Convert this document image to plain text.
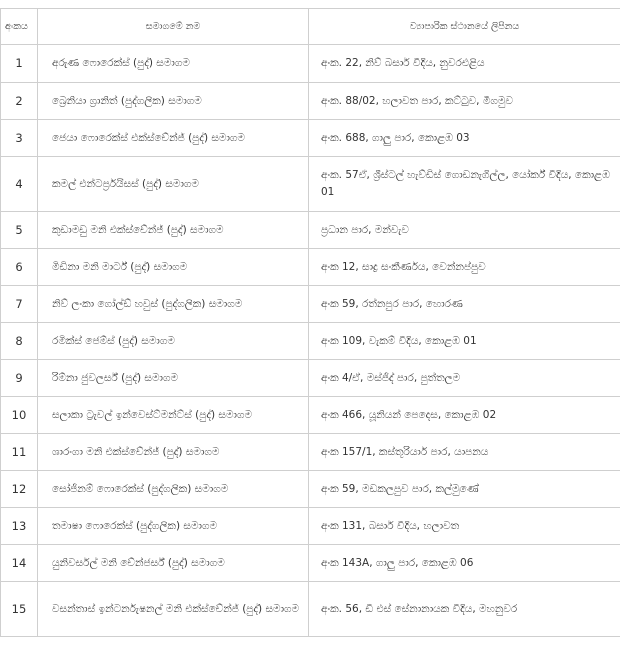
අංකය	සමාගමේ නම	ව්‍යාපාරික ස්ථානයේ ලිපිනය
1	අරුණ ෆොරෙක්ස් (පුද්) සමාගම	අංක. 22, නිව් බසාර් වීදිය, නුවරඑළිය
2	බ්‍රෙනියා ග්‍රානිත් (පුද්ගලික) සමාගම	අංක. 88/02, හලාවත පාර, කට්ටුව, මීගමුව
3	ජෙයා ෆොරෙක්ස් එක්ස්චේන්ජ් (පුද්) සමාගම	අංක. 688, ගාලු පාර, කොළඹ 03
4	කමල් එන්ටර්ප්‍රයිසස් (පුද්) සමාගම	අංක. 57ඒ, ශ්‍රීස්ටල් හැව්ඩිස් ගොඩනැගිල්ල, යෝර්ක් වීදිය, කොළඹ 01
5	කුඩාමඩු මනි එක්ස්චේන්ජ් (පුද්) සමාගම	ප්‍රධාන පාර, මන්වැව
6	මිඩිනා මනි මාර්ට් (පුද්) සමාගම	අංක 12, සාද්‍ර සංකීර්ණය, වෙන්නප්පුව
7	නිව් ලංකා ගෝල්ඩ් හවුස් (පුද්ගලික) සමාගම	අංක 59, රත්නපුර පාර, හොරණ
8	රමික්ස් ජෙම්ස් (පුද්) සමාගම	අංක 109, වැකම් වීදිය, කොළඹ 01
9	රිම්නා ජුවලර්ස් (පුද්) සමාගම	අංක 4/ඒ, මස්ජිද් පාර, පුත්තලම
10	සලාකා ට්‍රැවල් ඉන්වෙස්ට්මන්ට්ස් (පුද්) සමාගම	අංක 466, යූනියන් පෙදෙස, කොළඹ 02
11	ශාරංගා මනි එක්ස්චේන්ජ් (පුද්) සමාගම	අංක 157/1, කස්තූරියාර් පාර, යාපනය
12	සෝජිනම් ෆොරෙක්ස් (පුද්ගලික) සමාගම	අංක 59, මඩකලපුව පාර, කල්මුණේ
13	තමාෂා ෆොරෙක්ස් (පුද්ගලික) සමාගම	අංක 131, බසාර් වීදිය, හලාවත
14	යුනිවර්සල් මනි චේන්ජර්ස් (පුද්) සමාගම	අංක 143A, ගාලු පාර, කොළඹ 06
15	වසන්තාස් ඉන්ටර්නැෂනල් මනි එක්ස්චේන්ජ් (පුද්) සමාගම	අංක. 56, ඩී එස් සේනානායක වීදිය, මහනුවර
